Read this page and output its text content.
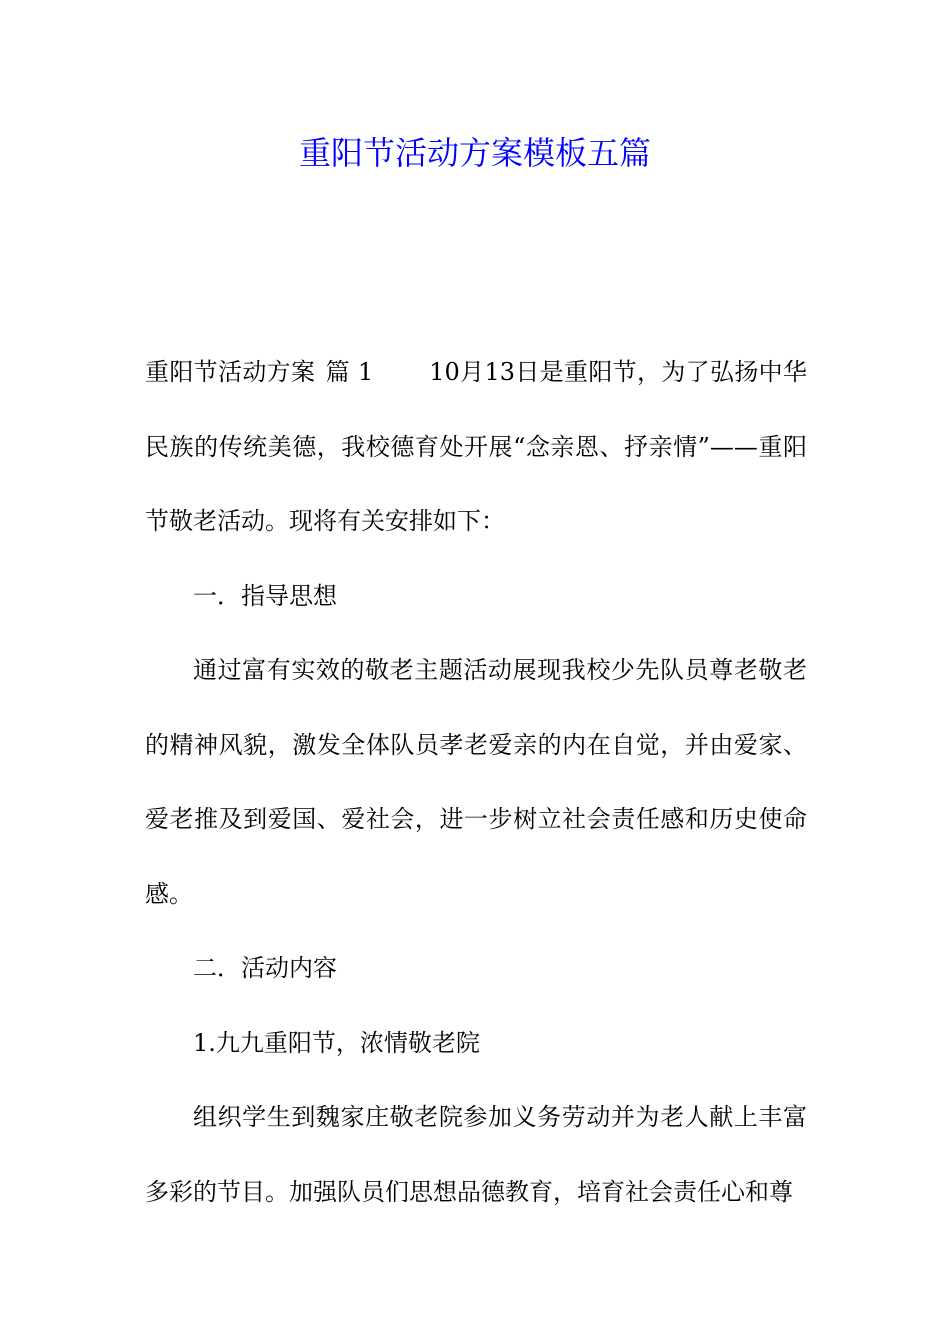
重阳节活动方案模板五篇

重阳节活动方案 篇 1 10月13日是重阳节，为了弘扬中华民族的传统美德，我校德育处开展“念亲恩、抒亲情”——重阳节敬老活动。现将有关安排如下：

一．指导思想

通过富有实效的敬老主题活动展现我校少先队员尊老敬老的精神风貌，激发全体队员孝老爱亲的内在自觉，并由爱家、爱老推及到爱国、爱社会，进一步树立社会责任感和历史使命感。

二．活动内容

1.九九重阳节，浓情敬老院

组织学生到魏家庄敬老院参加义务劳动并为老人献上丰富多彩的节目。加强队员们思想品德教育，培育社会责任心和尊
